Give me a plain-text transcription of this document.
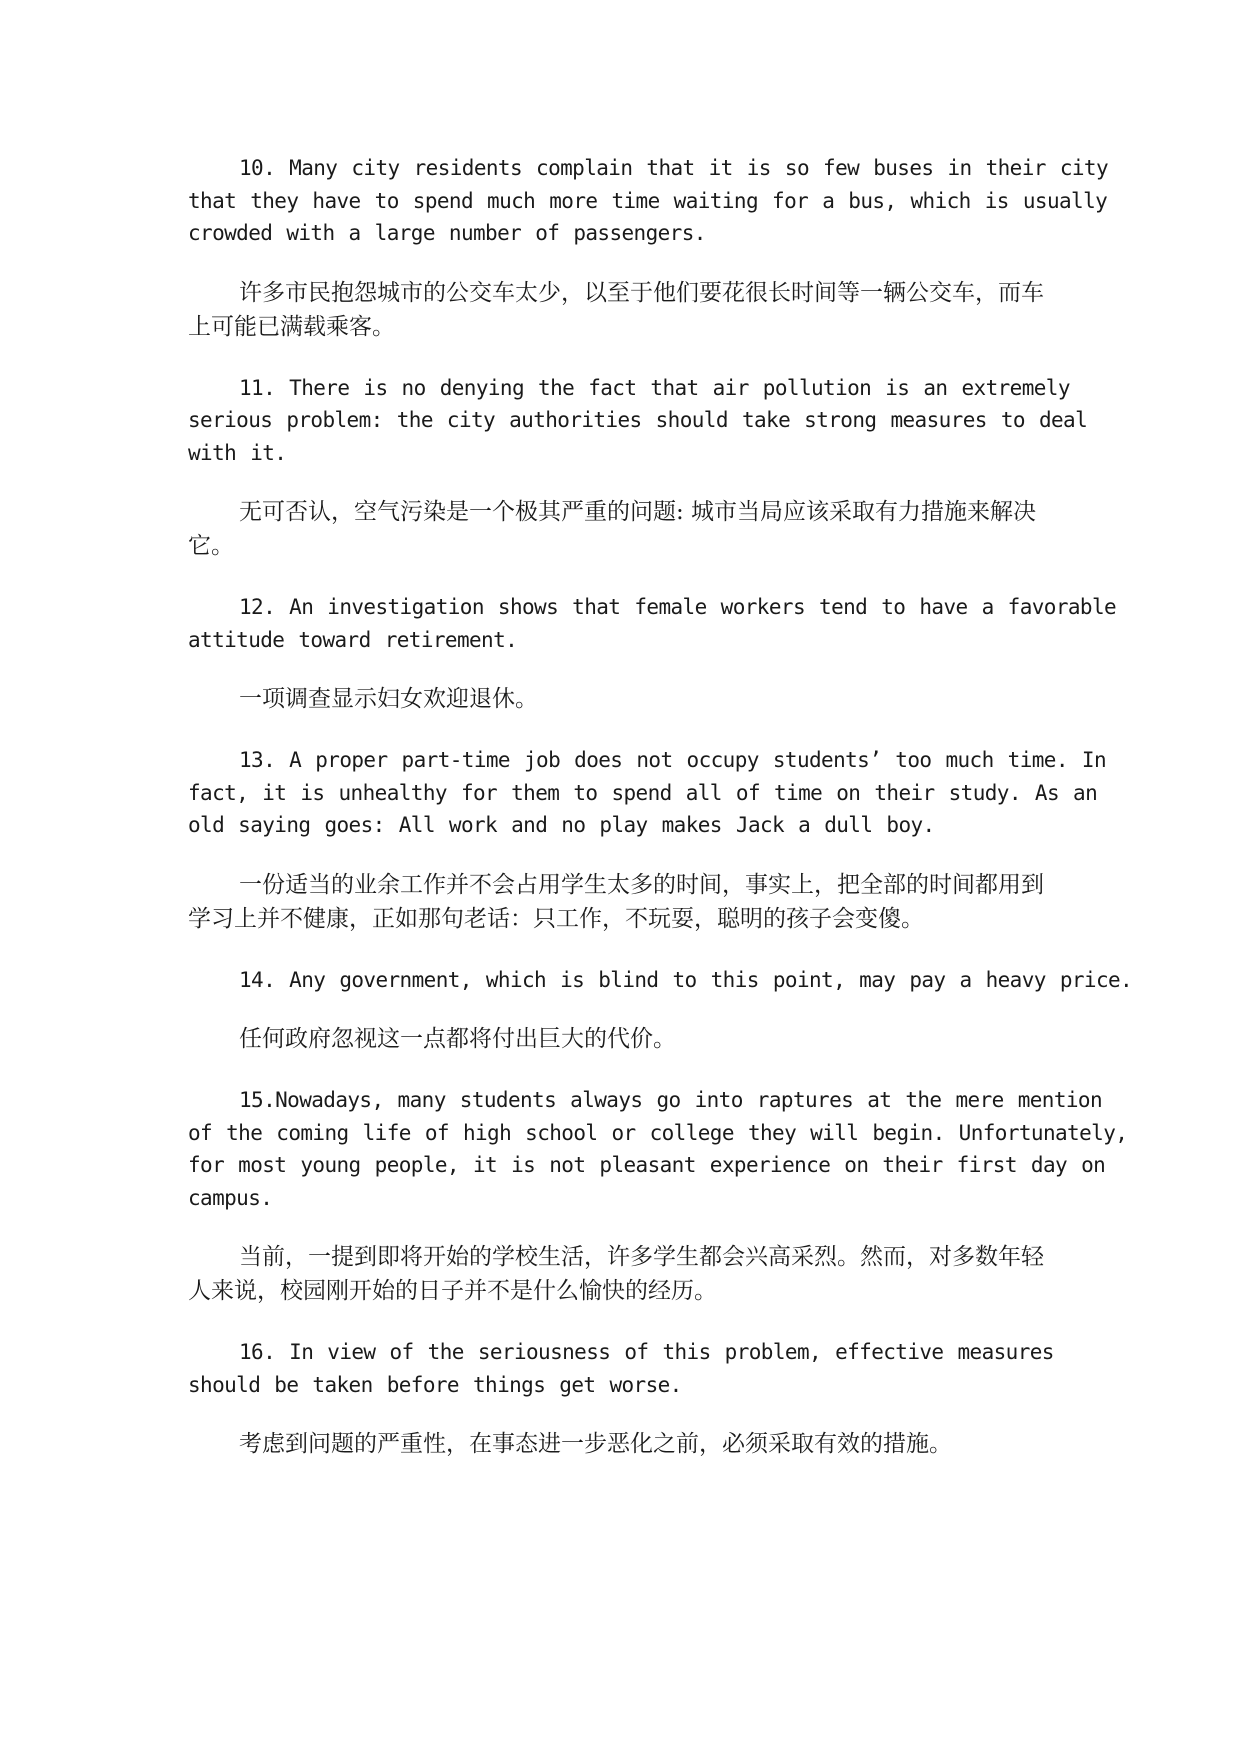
10. Many city residents complain that it is so few buses in their city that they have to spend much more time waiting for a bus, which is usually crowded with a large number of passengers.

许多市民抱怨城市的公交车太少，以至于他们要花很长时间等一辆公交车，而车上可能已满载乘客。

11. There is no denying the fact that air pollution is an extremely serious problem: the city authorities should take strong measures to deal with it.

无可否认，空气污染是一个极其严重的问题: 城市当局应该采取有力措施来解决它。

12. An investigation shows that female workers tend to have a favorable attitude toward retirement.

一项调查显示妇女欢迎退休。

13. A proper part-time job does not occupy students’ too much time. In fact, it is unhealthy for them to spend all of time on their study. As an old saying goes: All work and no play makes Jack a dull boy.

一份适当的业余工作并不会占用学生太多的时间，事实上，把全部的时间都用到学习上并不健康，正如那句老话：只工作，不玩耍，聪明的孩子会变傻。

14. Any government, which is blind to this point, may pay a heavy price.

任何政府忽视这一点都将付出巨大的代价。

15.Nowadays, many students always go into raptures at the mere mention of the coming life of high school or college they will begin. Unfortunately, for most young people, it is not pleasant experience on their first day on campus.

当前，一提到即将开始的学校生活，许多学生都会兴高采烈。然而，对多数年轻人来说，校园刚开始的日子并不是什么愉快的经历。

16. In view of the seriousness of this problem, effective measures should be taken before things get worse.

考虑到问题的严重性，在事态进一步恶化之前，必须采取有效的措施。
